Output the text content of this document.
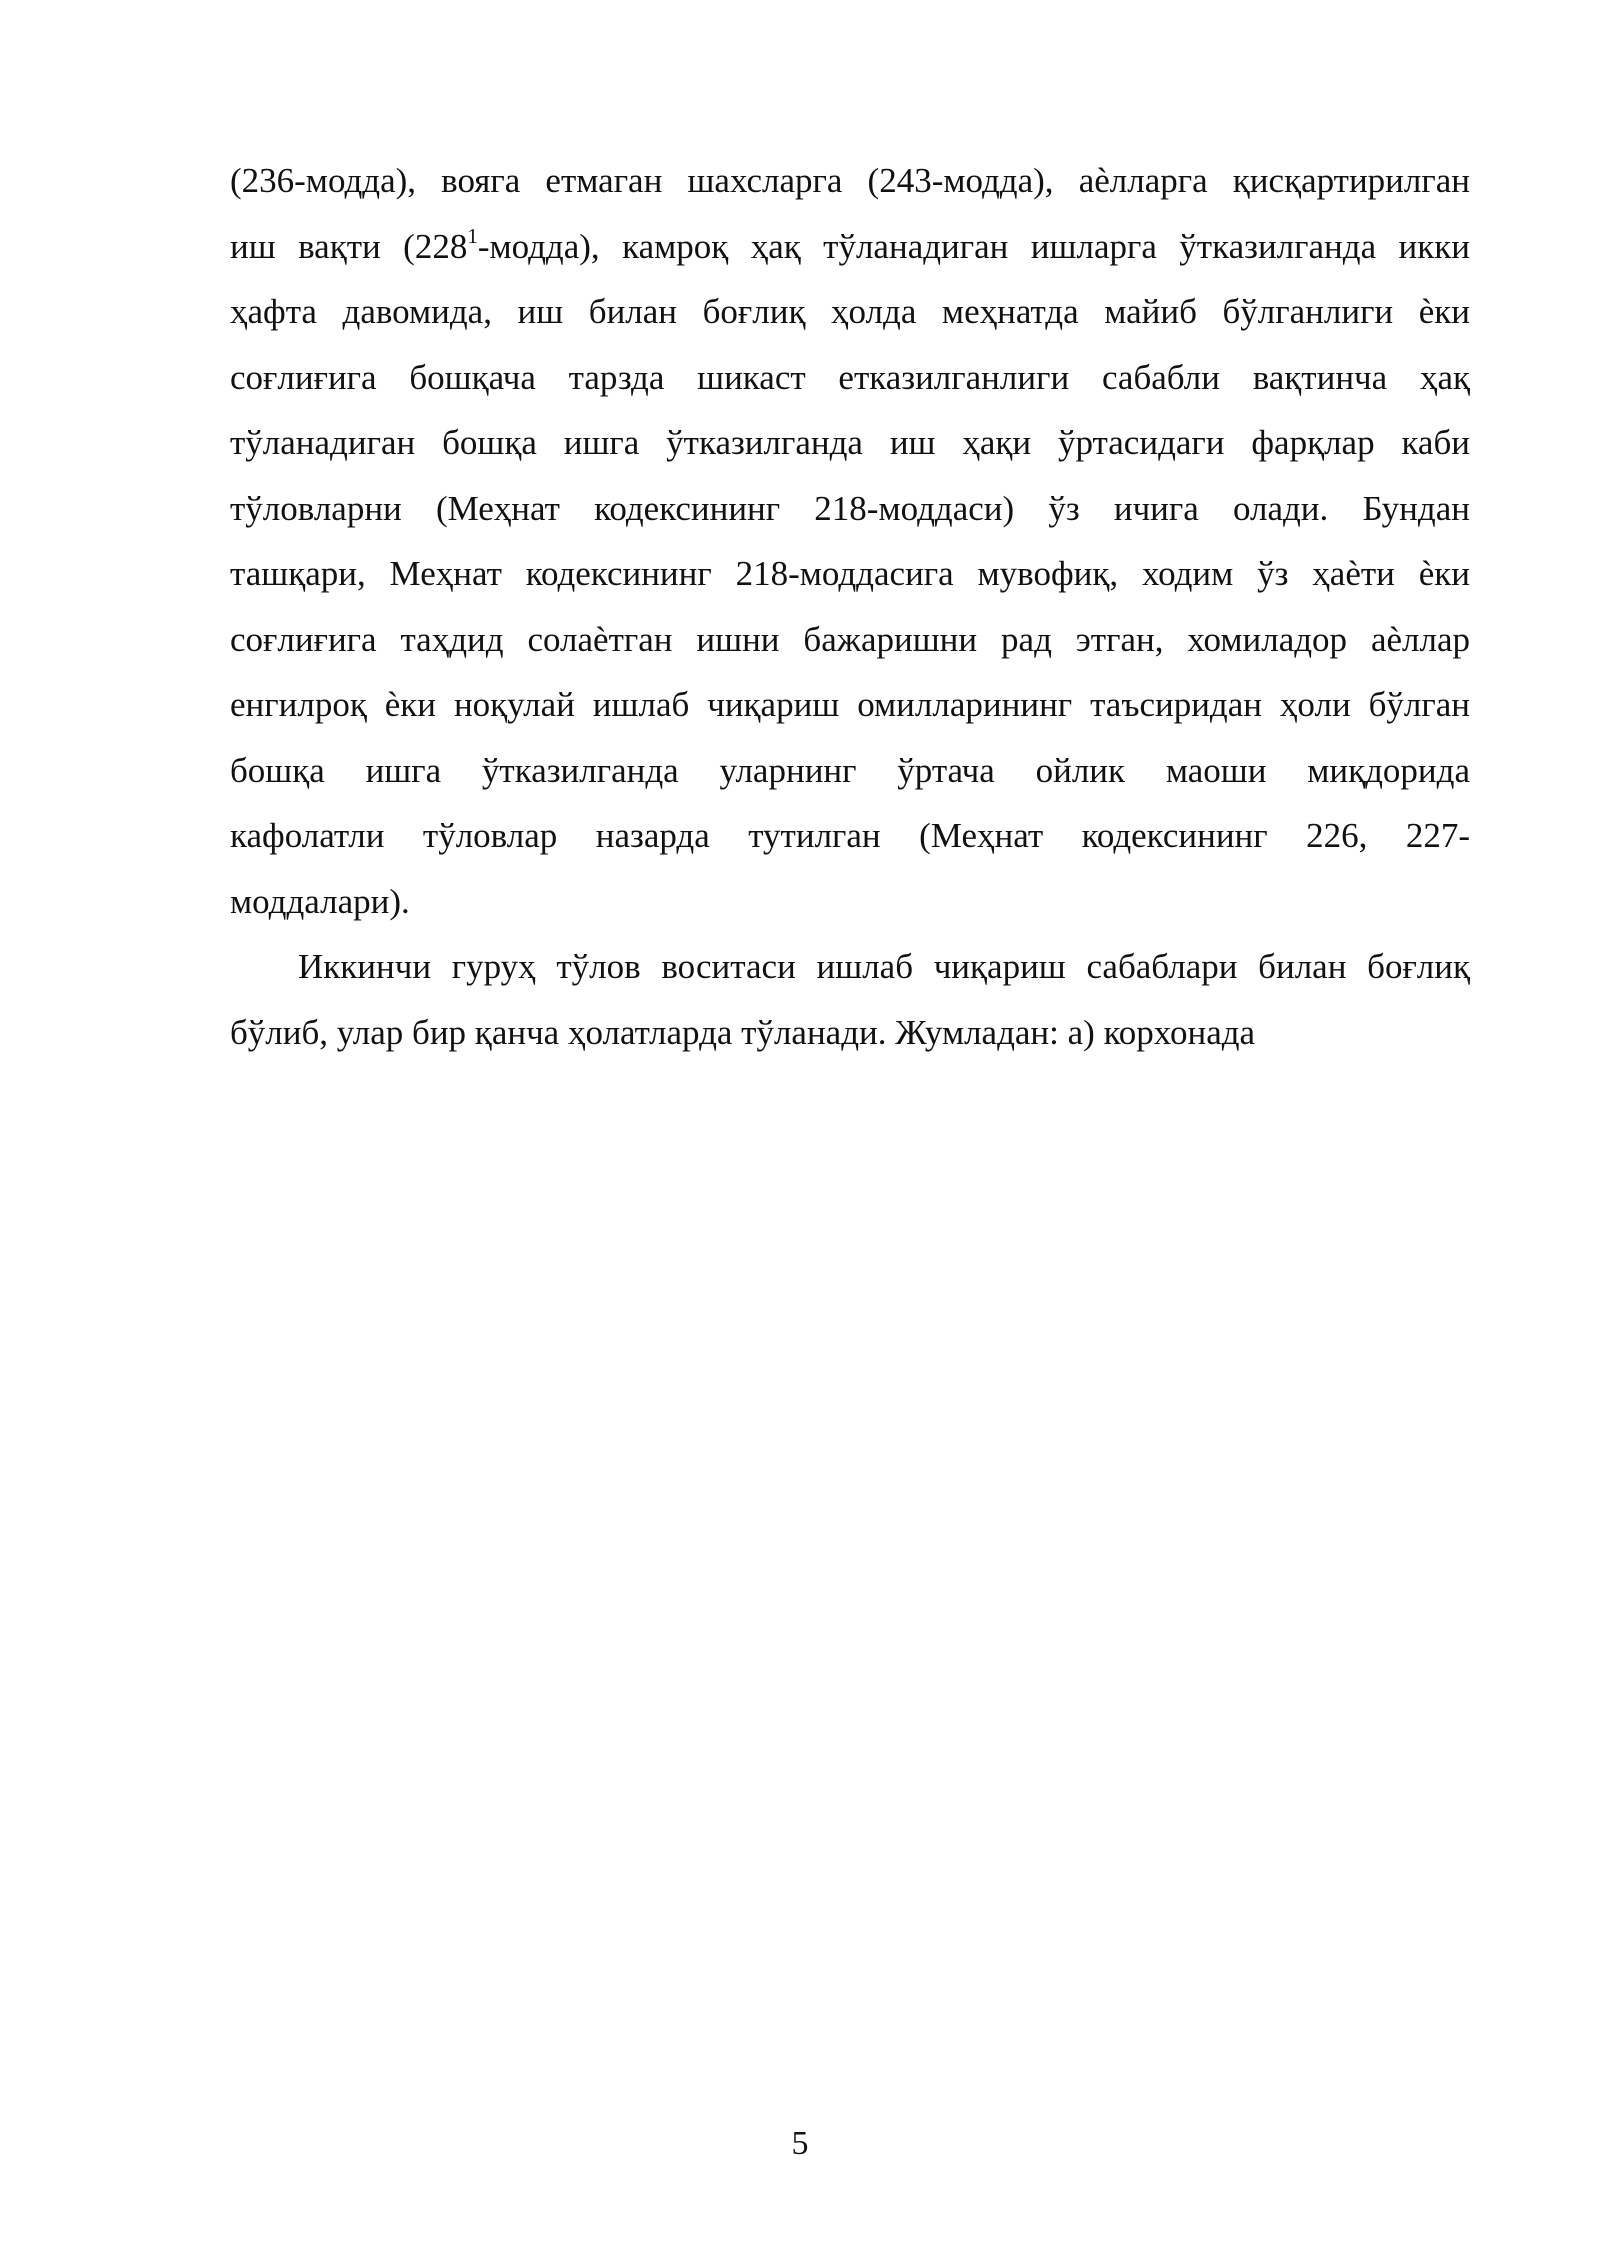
(236-модда), вояга етмаган шахсларга (243-модда), аѐлларга қисқартирилган
иш вақти $(228^1-модда)$, камроқ ҳақ тўланадиган ишларга ўтказилганда икки
ҳафта давомида, иш билан боғлиқ ҳолда меҳнатда майиб бўлганлиги ѐки
соғлиғига бошқача тарзда шикаст етказилганлиги сабабли вақтинча ҳақ
тўланадиган бошқа ишга ўтказилганда иш ҳақи ўртасидаги фарқлар каби
тўловларни (Меҳнат кодексининг 218-моддаси) ўз ичига олади. Бундан
ташқари, Меҳнат кодексининг 218-моддасига мувофиқ, ходим ўз ҳаѐти ѐки
соғлиғига таҳдид солаѐтган ишни бажаришни рад этган, хомиладор аѐллар
енгилроқ ѐки ноқулай ишлаб чиқариш омилларининг таъсиридан ҳоли бўлган
бошқа ишга ўтказилганда уларнинг ўртача ойлик маоши миқдорида
кафолатли тўловлар назарда тутилган (Меҳнат кодексининг 226, 227-
моддалари).

Иккинчи гуруҳ тўлов воситаси ишлаб чиқариш сабаблари билан боғлиқ
бўлиб, улар бир қанча ҳолатларда тўланади. Жумладан: а) корхонада

5
